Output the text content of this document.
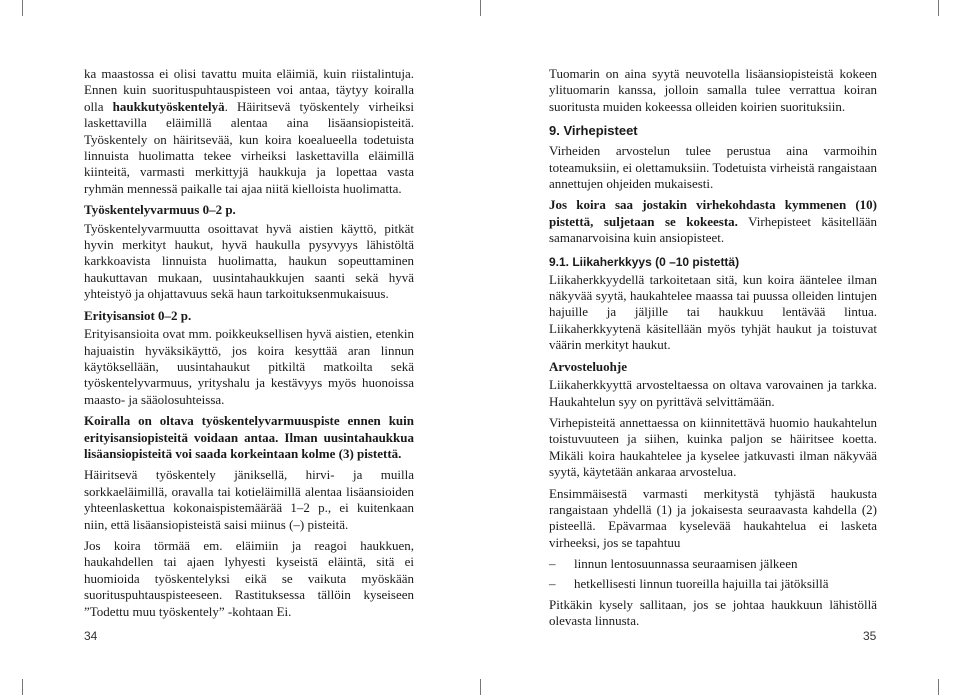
ka maastossa ei olisi tavattu muita eläimiä, kuin riistalintuja. Ennen kuin suorituspuhtauspisteen voi antaa, täytyy koiralla olla haukkutyöskentelyä. Häiritsevä työskentely virheiksi laskettavilla eläimillä alentaa aina lisäansiopisteitä. Työskentely on häiritsevää, kun koira koealueella todetuista linnuista huolimatta tekee virheiksi laskettavilla eläimillä kiinteitä, varmasti merkittyjä haukkuja ja lopettaa vasta ryhmän mennessä paikalle tai ajaa niitä kielloista huolimatta.

Työskentelyvarmuus 0–2 p.

Työskentelyvarmuutta osoittavat hyvä aistien käyttö, pitkät hyvin merkityt haukut, hyvä haukulla pysyvyys lähistöltä karkkoavista linnuista huolimatta, haukun sopeuttaminen haukuttavan mukaan, uusintahaukkujen saanti sekä hyvä yhteistyö ja ohjattavuus sekä haun tarkoituksenmukaisuus.

Erityisansiot 0–2 p.

Erityisansioita ovat mm. poikkeuksellisen hyvä aistien, etenkin hajuaistin hyväksikäyttö, jos koira kesyttää aran linnun käytöksellään, uusintahaukut pitkiltä matkoilta sekä työskentelyvarmuus, yrityshalu ja kestävyys myös huonoissa maasto- ja sääolosuhteissa.

Koiralla on oltava työskentelyvarmuuspiste ennen kuin erityisansiopisteitä voidaan antaa. Ilman uusintahaukkua lisäansiopisteitä voi saada korkeintaan kolme (3) pistettä.

Häiritsevä työskentely jäniksellä, hirvi- ja muilla sorkkaeläimillä, oravalla tai kotieläimillä alentaa lisäansioiden yhteenlaskettua kokonaispistemäärää 1–2 p., ei kuitenkaan niin, että lisäansiopisteistä saisi miinus (–) pisteitä.

Jos koira törmää em. eläimiin ja reagoi haukkuen, haukahdellen tai ajaen lyhyesti kyseistä eläintä, sitä ei huomioida työskentelyksi eikä se vaikuta myöskään suorituspuhtauspisteeseen. Rastituksessa tällöin kyseiseen ”Todettu muu työskentely” -kohtaan Ei.

Tuomarin on aina syytä neuvotella lisäansiopisteistä kokeen ylituomarin kanssa, jolloin samalla tulee verrattua koiran suoritusta muiden kokeessa olleiden koirien suorituksiin.

9. Virhepisteet

Virheiden arvostelun tulee perustua aina varmoihin toteamuksiin, ei olettamuksiin. Todetuista virheistä rangaistaan annettujen ohjeiden mukaisesti.

Jos koira saa jostakin virhekohdasta kymmenen (10) pistettä, suljetaan se kokeesta. Virhepisteet käsitellään samanarvoisina kuin ansiopisteet.

9.1. Liikaherkkyys (0 –10 pistettä)

Liikaherkkyydellä tarkoitetaan sitä, kun koira ääntelee ilman näkyvää syytä, haukahtelee maassa tai puussa olleiden lintujen hajuille ja jäljille tai haukkuu lentävää lintua. Liikaherkkyytenä käsitellään myös tyhjät haukut ja toistuvat väärin merkityt haukut.

Arvosteluohje

Liikaherkkyyttä arvosteltaessa on oltava varovainen ja tarkka. Haukahtelun syy on pyrittävä selvittämään.

Virhepisteitä annettaessa on kiinnitettävä huomio haukahtelun toistuvuuteen ja siihen, kuinka paljon se häiritsee koetta. Mikäli koira haukahtelee ja kyselee jatkuvasti ilman näkyvää syytä, käytetään ankaraa arvostelua.

Ensimmäisestä varmasti merkitystä tyhjästä haukusta rangaistaan yhdellä (1) ja jokaisesta seuraavasta kahdella (2) pisteellä. Epävarmaa kyselevää haukahtelua ei lasketa virheeksi, jos se tapahtuu

– linnun lentosuunnassa seuraamisen jälkeen
– hetkellisesti linnun tuoreilla hajuilla tai jätöksillä

Pitkäkin kysely sallitaan, jos se johtaa haukkuun lähistöllä olevasta linnusta.

34	35
